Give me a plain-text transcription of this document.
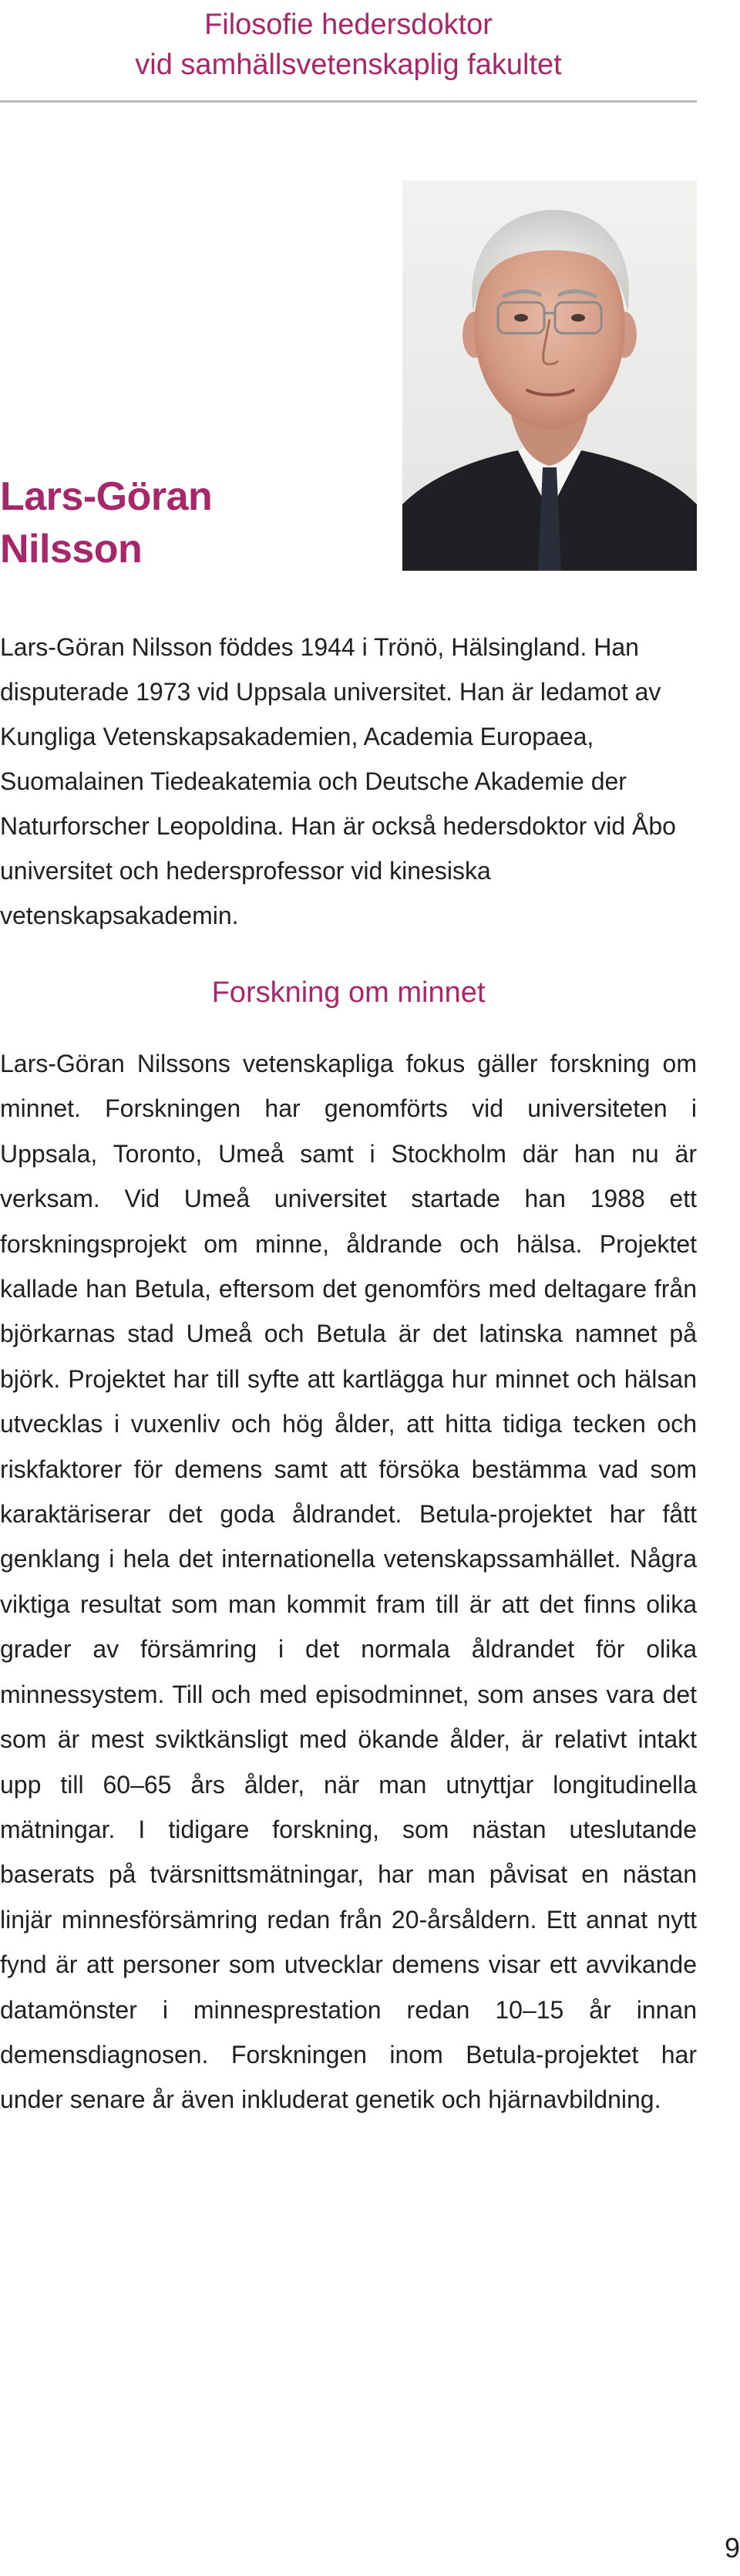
Filosofie hedersdoktor
vid samhällsvetenskaplig fakultet
Lars-Göran
Nilsson

Lars-Göran Nilsson föddes 1944 i Trönö, Hälsingland. Han disputerade 1973 vid Uppsala universitet. Han är ledamot av Kungliga Vetenskapsakademien, Academia Europaea, Suomalainen Tiedeakatemia och Deutsche Akademie der Naturforscher Leopoldina. Han är också hedersdoktor vid Åbo universitet och hedersprofessor vid kinesiska vetenskapsakademin.

Forskning om minnet

Lars-Göran Nilssons vetenskapliga fokus gäller forskning om minnet. Forskningen har genomförts vid universiteten i Uppsala, Toronto, Umeå samt i Stockholm där han nu är verksam. Vid Umeå universitet startade han 1988 ett forskningsprojekt om minne, åldrande och hälsa. Projektet kallade han Betula, eftersom det genomförs med deltagare från björkarnas stad Umeå och Betula är det latinska namnet på björk. Projektet har till syfte att kartlägga hur minnet och hälsan utvecklas i vuxenliv och hög ålder, att hitta tidiga tecken och riskfaktorer för demens samt att försöka bestämma vad som karaktäriserar det goda åldrandet. Betula-projektet har fått genklang i hela det internationella vetenskapssamhället. Några viktiga resultat som man kommit fram till är att det finns olika grader av försämring i det normala åldrandet för olika minnessystem. Till och med episodminnet, som anses vara det som är mest sviktkänsligt med ökande ålder, är relativt intakt upp till 60–65 års ålder, när man utnyttjar longitudinella mätningar. I tidigare forskning, som nästan uteslutande baserats på tvärsnittsmätningar, har man påvisat en nästan linjär minnesförsämring redan från 20-årsåldern. Ett annat nytt fynd är att personer som utvecklar demens visar ett avvikande datamönster i minnesprestation redan 10–15 år innan demensdiagnosen. Forskningen inom Betula-projektet har under senare år även inkluderat genetik och hjärnavbildning.

9
